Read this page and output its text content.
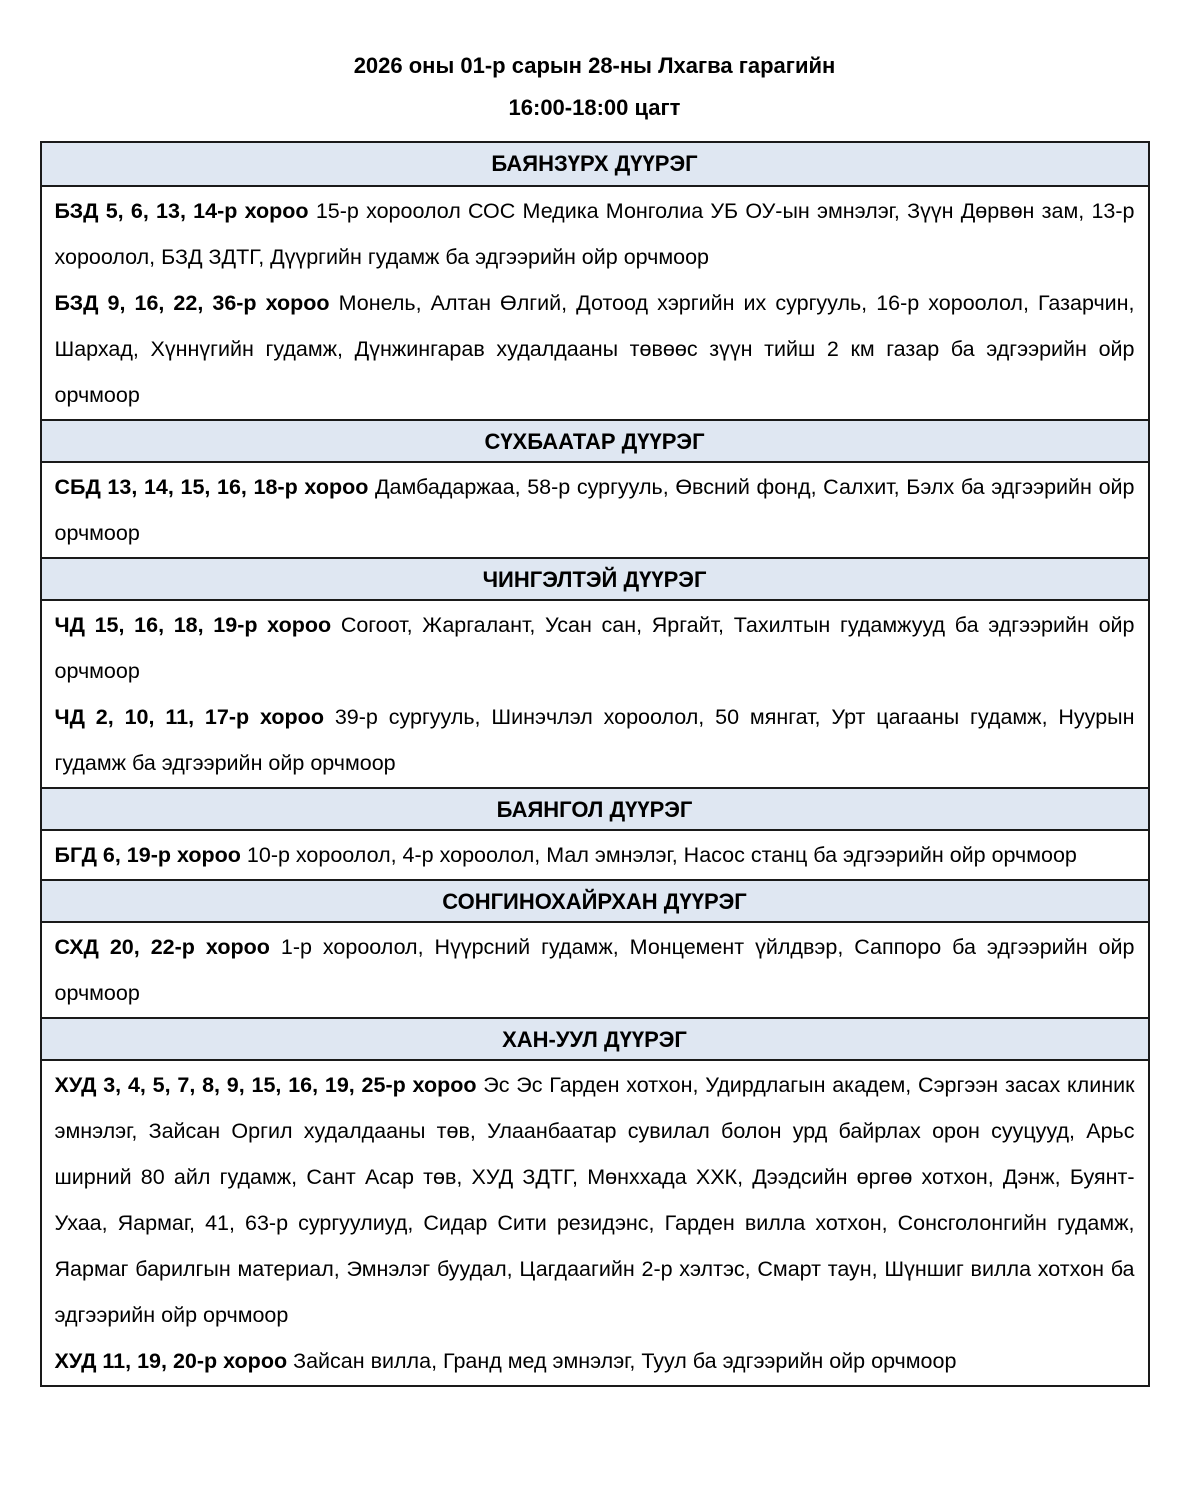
2026 оны 01-р сарын 28-ны Лхагва гарагийн
16:00-18:00 цагт
БАЯНЗҮРХ ДҮҮРЭГ

БЗД 5, 6, 13, 14-р хороо 15-р хороолол СОС Медика Монголиа УБ ОУ-ын эмнэлэг, Зүүн Дөрвөн зам, 13-р хороолол, БЗД ЗДТГ, Дүүргийн гудамж ба эдгээрийн ойр орчмоор

БЗД 9, 16, 22, 36-р хороо Монель, Алтан Өлгий, Дотоод хэргийн их сургууль, 16-р хороолол, Газарчин, Шархад, Хүннүгийн гудамж, Дүнжингарав худалдааны төвөөс зүүн тийш 2 км газар ба эдгээрийн ойр орчмоор

СҮХБААТАР ДҮҮРЭГ

СБД 13, 14, 15, 16, 18-р хороо Дамбадаржаа, 58-р сургууль, Өвсний фонд, Салхит, Бэлх ба эдгээрийн ойр орчмоор

ЧИНГЭЛТЭЙ ДҮҮРЭГ

ЧД 15, 16, 18, 19-р хороо Согоот, Жаргалант, Усан сан, Яргайт, Тахилтын гудамжууд ба эдгээрийн ойр орчмоор

ЧД 2, 10, 11, 17-р хороо 39-р сургууль, Шинэчлэл хороолол, 50 мянгат, Урт цагааны гудамж, Нуурын гудамж ба эдгээрийн ойр орчмоор

БАЯНГОЛ ДҮҮРЭГ

БГД 6, 19-р хороо 10-р хороолол, 4-р хороолол, Мал эмнэлэг, Насос станц ба эдгээрийн ойр орчмоор

СОНГИНОХАЙРХАН ДҮҮРЭГ

СХД 20, 22-р хороо 1-р хороолол, Нүүрсний гудамж, Монцемент үйлдвэр, Саппоро ба эдгээрийн ойр орчмоор

ХАН-УУЛ ДҮҮРЭГ

ХУД 3, 4, 5, 7, 8, 9, 15, 16, 19, 25-р хороо Эс Эс Гарден хотхон, Удирдлагын академ, Сэргээн засах клиник эмнэлэг, Зайсан Оргил худалдааны төв, Улаанбаатар сувилал болон урд байрлах орон сууцууд, Арьс ширний 80 айл гудамж, Сант Асар төв, ХУД ЗДТГ, Мөнххада ХХК, Дээдсийн өргөө хотхон, Дэнж, Буянт-Ухаа, Яармаг, 41, 63-р сургуулиуд, Сидар Сити резидэнс, Гарден вилла хотхон, Сонсголонгийн гудамж, Яармаг барилгын материал, Эмнэлэг буудал, Цагдаагийн 2-р хэлтэс, Смарт таун, Шүншиг вилла хотхон ба эдгээрийн ойр орчмоор

ХУД 11, 19, 20-р хороо Зайсан вилла, Гранд мед эмнэлэг, Туул ба эдгээрийн ойр орчмоор
